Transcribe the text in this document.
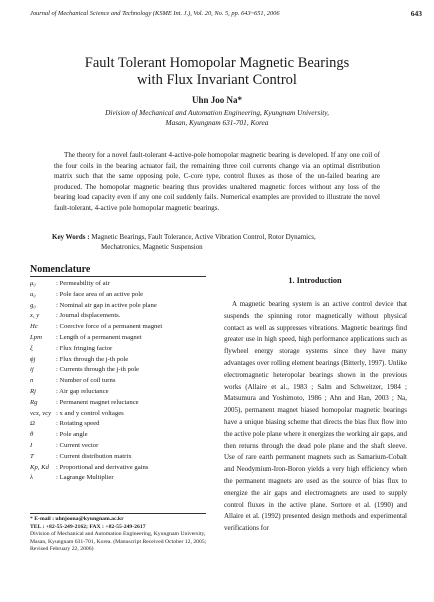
Journal of Mechanical Science and Technology (KSME Int. J.), Vol. 20, No. 5, pp. 643~651, 2006	643
Fault Tolerant Homopolar Magnetic Bearings
with Flux Invariant Control
Uhn Joo Na*
Division of Mechanical and Automation Engineering, Kyungnam University,
Masan, Kyungnam 631-701, Korea
The theory for a novel fault-tolerant 4-active-pole homopolar magnetic bearing is developed. If any one coil of the four coils in the bearing actuator fail, the remaining three coil currents change via an optimal distribution matrix such that the same opposing pole, C-core type, control fluxes as those of the un-failed bearing are produced. The homopolar magnetic bearing thus provides unaltered magnetic forces without any loss of the bearing load capacity even if any one coil suddenly fails. Numerical examples are provided to illustrate the novel fault-tolerant, 4-active pole homopolar magnetic bearings.
Key Words : Magnetic Bearings, Fault Tolerance, Active Vibration Control, Rotor Dynamics,
Mechatronics, Magnetic Suspension
Nomenclature
μ₀	: Permeability of air
a₀	: Pole face area of an active pole
g₀	: Nominal air gap in active pole plane
x, y : Journal displacements.
Hc	: Coercive force of a permanent magnet
Lpm : Length of a permanent magnet
ξ	: Flux fringing factor
ϕj	: Flux through the j-th pole
ij	: Currents through the j-th pole
n	: Number of coil turns
Rj	: Air gap reluctance
Rg	: Permanent magnet reluctance
vcx, vcy : x and y control voltages
Ω	: Rotating speed
θ	: Pole angle
I	: Current vector
T	: Current distribution matrix
Kp, Kd : Proportional and derivative gains
λ	: Lagrange Multiplier
* E-mail : uhnjoona@kyungnam.ac.kr
TEL : +82-55-249-2162; FAX : +82-55-249-2617
Division of Mechanical and Automation Engineering, Kyungnam University, Masan, Kyungnam 631-701, Korea. (Manuscript Received October 12, 2005; Revised February 22, 2006)
1. Introduction
A magnetic bearing system is an active control device that suspends the spinning rotor magnetically without physical contact as well as suppresses vibrations. Magnetic bearings find greater use in high speed, high performance applications such as flywheel energy storage systems since they have many advantages over rolling element bearings (Bitterly, 1997). Unlike electromagnetic heteropolar bearings shown in the previous works (Allaire et al., 1983 ; Salm and Schweitzer, 1984 ; Matsumura and Yoshimoto, 1986 ; Ahn and Han, 2003 ; Na, 2005), permanent magnet biased homopolar magnetic bearings have a unique biasing scheme that directs the bias flux flow into the active pole plane where it energizes the working air gaps, and then returns through the dead pole plane and the shaft sleeve. Use of rare earth permanent magnets such as Samarium-Cobalt and Neodymium-Iron-Boron yields a very high efficiency when the permanent magnets are used as the source of bias flux to energize the air gaps and electromagnets are used to supply control fluxes in the active plane. Sortore et al. (1990) and Allaire et al. (1992) presented design methods and experimental verifications for
